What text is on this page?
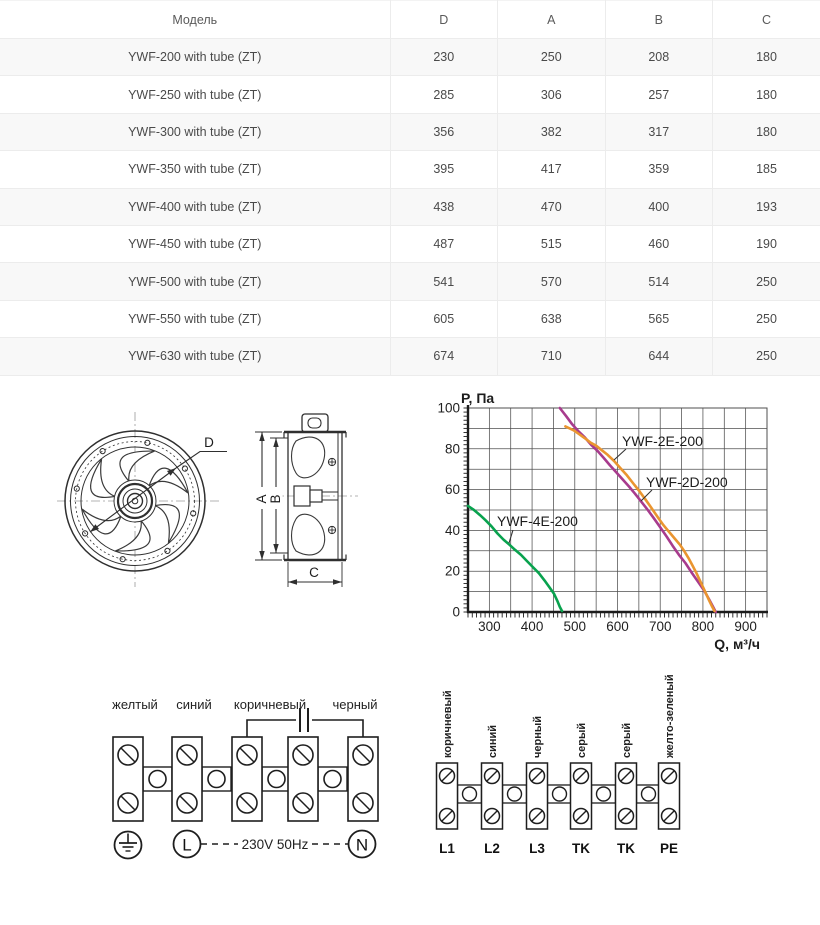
Модель	D	A	B	C
YWF-200 with tube (ZT)	230	250	208	180
YWF-250 with tube (ZT)	285	306	257	180
YWF-300 with tube (ZT)	356	382	317	180
YWF-350 with tube (ZT)	395	417	359	185
YWF-400 with tube (ZT)	438	470	400	193
YWF-450 with tube (ZT)	487	515	460	190
YWF-500 with tube (ZT)	541	570	514	250
YWF-550 with tube (ZT)	605	638	565	250
YWF-630 with tube (ZT)	674	710	644	250
D
A B
C
0
20
40
60
80
100
300 400 500 600 700 800 900
P, Па
Q, м³/ч
YWF-2E-200
YWF-2D-200
YWF-4E-200
желтый синий коричневый черный
L	230V 50Hz	N
коричневый	синий	черный	серый	серый	желто-зеленый
L1 L2 L3 TK TK PE
